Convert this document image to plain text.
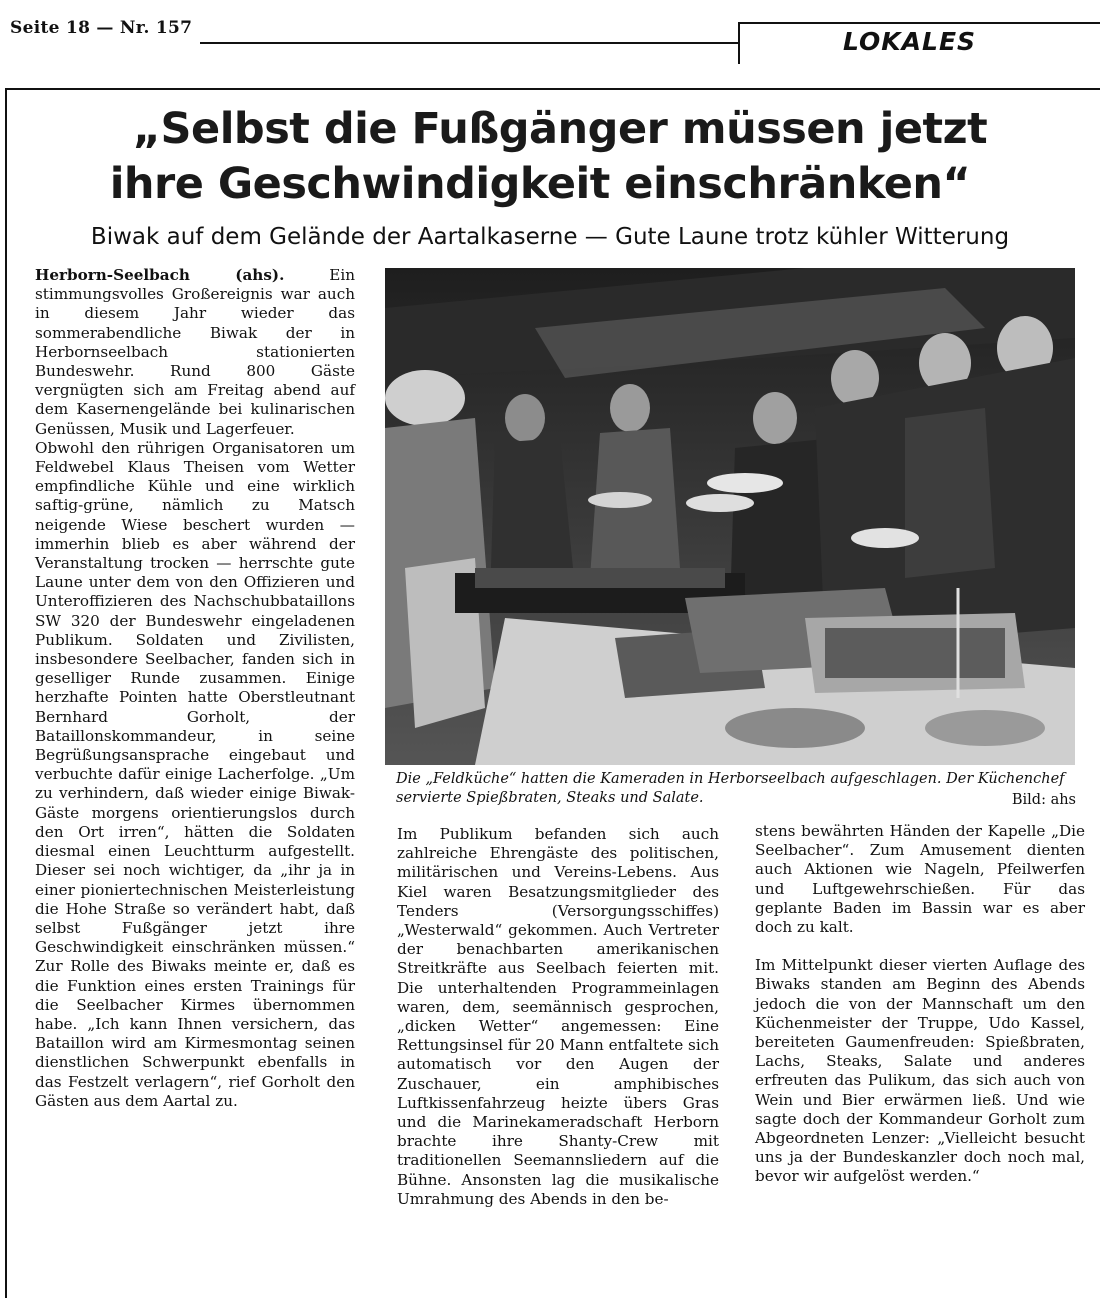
Seite 18 — Nr. 157	LOKALES
„Selbst die Fußgänger müssen jetzt
ihre Geschwindigkeit einschränken“
Biwak auf dem Gelände der Aartalkaserne — Gute Laune trotz kühler Witterung

Herborn-Seelbach (ahs).	Ein stimmungsvolles Großereignis war auch in diesem Jahr wieder das sommerabendliche Biwak der in Herbornseelbach stationierten Bundeswehr. Rund 800 Gäste vergnügten sich am Freitag abend auf dem Kasernengelände bei kulinarischen Genüssen, Musik und Lagerfeuer.

Obwohl den rührigen Organisatoren um Feldwebel Klaus Theisen vom Wetter empfindliche Kühle und eine wirklich saftig-grüne, nämlich zu Matsch neigende Wiese beschert wurden — immerhin blieb es aber während der Veranstaltung trocken — herrschte gute Laune unter dem von den Offizieren und Unteroffizieren des Nachschubbataillons SW 320 der Bundeswehr eingeladenen Publikum. Soldaten und Zivilisten, insbesondere Seelbacher, fanden sich in geselliger Runde zusammen. Einige herzhafte Pointen hatte Oberstleutnant Bernhard Gorholt, der Bataillonskommandeur, in seine Begrüßungsansprache eingebaut und verbuchte dafür einige Lacherfolge. „Um zu verhindern, daß wieder einige Biwak-Gäste morgens orientierungslos durch den Ort irren“, hätten die Soldaten diesmal einen Leuchtturm aufgestellt. Dieser sei noch wichtiger, da „ihr ja in einer pioniertechnischen Meisterleistung die Hohe Straße so verändert habt, daß selbst Fußgänger jetzt ihre Geschwindigkeit einschränken müssen.“ Zur Rolle des Biwaks meinte er, daß es die Funktion eines ersten Trainings für die Seelbacher Kirmes übernommen habe. „Ich kann Ihnen versichern, das Bataillon wird am Kirmesmontag seinen dienstlichen Schwerpunkt ebenfalls in das Festzelt verlagern“, rief Gorholt den Gästen aus dem Aartal zu.

Die „Feldküche“ hatten die Kameraden in Herborseelbach aufgeschlagen. Der Küchenchef servierte Spießbraten, Steaks und Salate.	Bild: ahs

Im Publikum befanden sich auch zahlreiche Ehrengäste des politischen, militärischen und Vereins-Lebens. Aus Kiel waren Besatzungsmitglieder des Tenders (Versorgungsschiffes) „Westerwald“ gekommen. Auch Vertreter der benachbarten amerikanischen Streitkräfte aus Seelbach feierten mit. Die unterhaltenden Programmeinlagen waren, dem, seemännisch gesprochen, „dicken Wetter“ angemessen: Eine Rettungsinsel für 20 Mann entfaltete sich automatisch vor den Augen der Zuschauer, ein amphibisches Luftkissenfahrzeug heizte übers Gras und die Marinekameradschaft Herborn brachte ihre Shanty-Crew mit traditionellen Seemannsliedern auf die Bühne. Ansonsten lag die musikalische Umrahmung des Abends in den be-

stens bewährten Händen der Kapelle „Die Seelbacher“. Zum Amusement dienten auch Aktionen wie Nageln, Pfeilwerfen und Luftgewehrschießen. Für das geplante Baden im Bassin war es aber doch zu kalt.

Im Mittelpunkt dieser vierten Auflage des Biwaks standen am Beginn des Abends jedoch die von der Mannschaft um den Küchenmeister der Truppe, Udo Kassel, bereiteten Gaumenfreuden: Spießbraten, Lachs, Steaks, Salate und anderes erfreuten das Pulikum, das sich auch von Wein und Bier erwärmen ließ. Und wie sagte doch der Kommandeur Gorholt zum Abgeordneten Lenzer: „Vielleicht besucht uns ja der Bundeskanzler doch noch mal, bevor wir aufgelöst werden.“
